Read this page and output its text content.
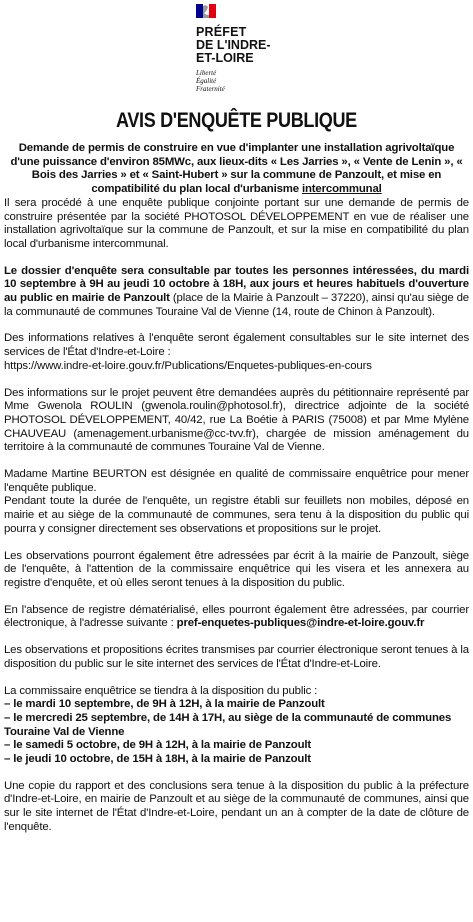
PRÉFET
DE L'INDRE-
ET-LOIRE
Liberté
Égalité
Fraternité
AVIS D'ENQUÊTE PUBLIQUE

Demande de permis de construire en vue d'implanter une installation agrivoltaïque d'une puissance d'environ 85MWc, aux lieux-dits « Les Jarries », « Vente de Lenin », « Bois des Jarries » et « Saint-Hubert » sur la commune de Panzoult, et mise en compatibilité du plan local d'urbanisme intercommunal

Il sera procédé à une enquête publique conjointe portant sur une demande de permis de construire présentée par la société PHOTOSOL DÉVELOPPEMENT en vue de réaliser une installation agrivoltaïque sur la commune de Panzoult, et sur la mise en compatibilité du plan local d'urbanisme intercommunal.

Le dossier d'enquête sera consultable par toutes les personnes intéressées, du mardi 10 septembre à 9H au jeudi 10 octobre à 18H, aux jours et heures habituels d'ouverture au public en mairie de Panzoult (place de la Mairie à Panzoult – 37220), ainsi qu'au siège de la communauté de communes Touraine Val de Vienne (14, route de Chinon à Panzoult).

Des informations relatives à l'enquête seront également consultables sur le site internet des services de l'État d'Indre-et-Loire :

https://www.indre-et-loire.gouv.fr/Publications/Enquetes-publiques-en-cours

Des informations sur le projet peuvent être demandées auprès du pétitionnaire représenté par Mme Gwenola ROULIN (gwenola.roulin@photosol.fr), directrice adjointe de la société PHOTOSOL DÉVELOPPEMENT, 40/42, rue La Boétie à PARIS (75008) et par Mme Mylène CHAUVEAU (amenagement.urbanisme@cc-tvv.fr), chargée de mission aménagement du territoire à la communauté de communes Touraine Val de Vienne.

Madame Martine BEURTON est désignée en qualité de commissaire enquêtrice pour mener l'enquête publique.

Pendant toute la durée de l'enquête, un registre établi sur feuillets non mobiles, déposé en mairie et au siège de la communauté de communes, sera tenu à la disposition du public qui pourra y consigner directement ses observations et propositions sur le projet.

Les observations pourront également être adressées par écrit à la mairie de Panzoult, siège de l'enquête, à l'attention de la commissaire enquêtrice qui les visera et les annexera au registre d'enquête, et où elles seront tenues à la disposition du public.

En l'absence de registre dématérialisé, elles pourront également être adressées, par courrier électronique, à l'adresse suivante : pref-enquetes-publiques@indre-et-loire.gouv.fr

Les observations et propositions écrites transmises par courrier électronique seront tenues à la disposition du public sur le site internet des services de l'État d'Indre-et-Loire.

La commissaire enquêtrice se tiendra à la disposition du public :

– le mardi 10 septembre, de 9H à 12H, à la mairie de Panzoult

– le mercredi 25 septembre, de 14H à 17H, au siège de la communauté de communes Touraine Val de Vienne

– le samedi 5 octobre, de 9H à 12H, à la mairie de Panzoult

– le jeudi 10 octobre, de 15H à 18H, à la mairie de Panzoult

Une copie du rapport et des conclusions sera tenue à la disposition du public à la préfecture d'Indre-et-Loire, en mairie de Panzoult et au siège de la communauté de communes, ainsi que sur le site internet de l'État d'Indre-et-Loire, pendant un an à compter de la date de clôture de l'enquête.
